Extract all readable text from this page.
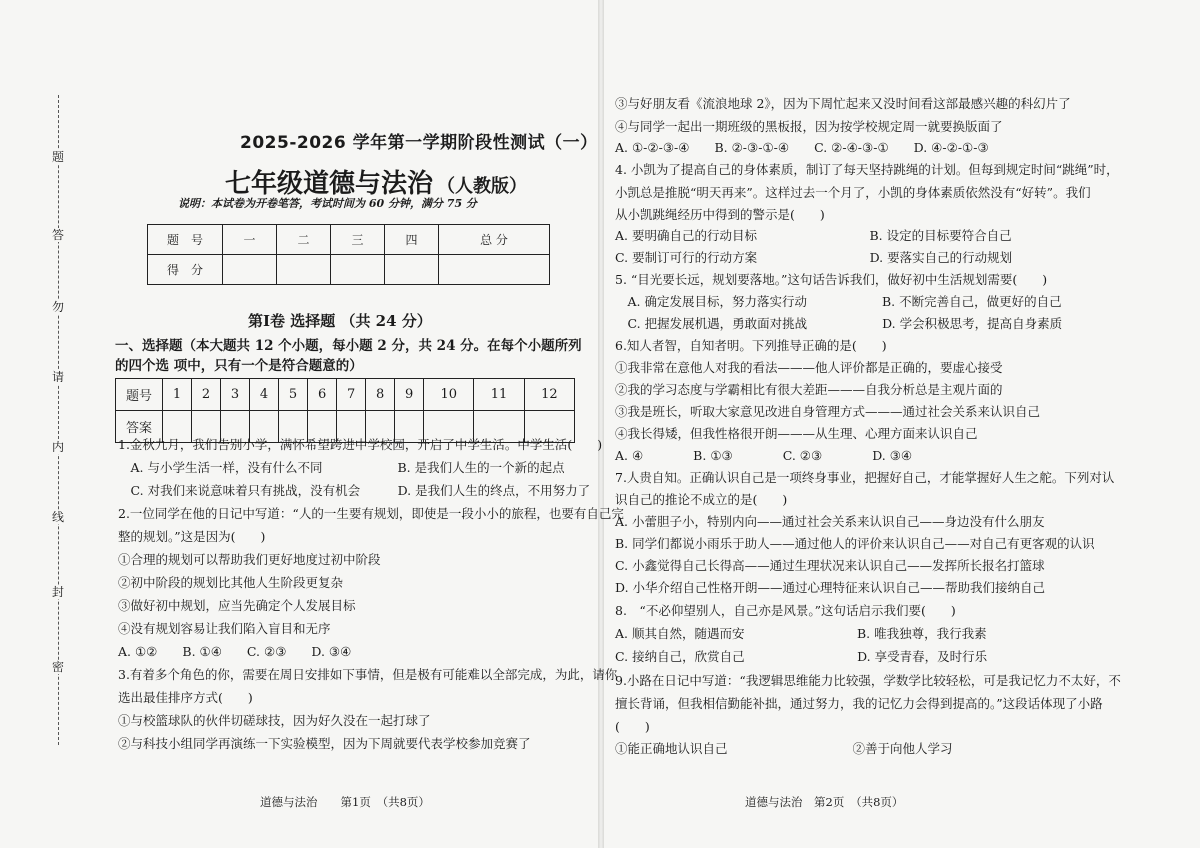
题
答
勿
请
内
线
封
密
2025-2026 学年第一学期阶段性测试（一）
七年级道德与法治 （人教版）
说明：本试卷为开卷笔答，考试时间为 60 分钟，满分 75 分
题　号	一	二	三	四	总 分
得　分					
第Ⅰ卷 选择题 （共 24 分）
一、选择题（本大题共 12 个小题，每小题 2 分，共 24 分。在每个小题所列的四个选 项中，只有一个是符合题意的）
题号	1	2	3	4	5	6	7	8	9	10	11	12
答案												
1.金秋九月，我们告别小学，满怀希望跨进中学校园，开启了中学生活。中学生活(　　)
　A. 与小学生活一样，没有什么不同　　　　　　B. 是我们人生的一个新的起点
　C. 对我们来说意味着只有挑战，没有机会　　　D. 是我们人生的终点，不用努力了
2.一位同学在他的日记中写道：“人的一生要有规划，即使是一段小小的旅程，也要有自己完
整的规划。”这是因为(　　)
①合理的规划可以帮助我们更好地度过初中阶段
②初中阶段的规划比其他人生阶段更复杂
③做好初中规划，应当先确定个人发展目标
④没有规划容易让我们陷入盲目和无序
A. ①②　　B. ①④　　C. ②③　　D. ③④
3.有着多个角色的你，需要在周日安排如下事情，但是极有可能难以全部完成，为此，请你
选出最佳排序方式(　　)
①与校篮球队的伙伴切磋球技，因为好久没在一起打球了
②与科技小组同学再演练一下实验模型，因为下周就要代表学校参加竞赛了
道德与法治　　第1页　（共8页）
③与好朋友看《流浪地球 2》，因为下周忙起来又没时间看这部最感兴趣的科幻片了
④与同学一起出一期班级的黑板报，因为按学校规定周一就要换版面了
A. ①-②-③-④　　B. ②-③-①-④　　C. ②-④-③-①　　D. ④-②-①-③
4. 小凯为了提高自己的身体素质，制订了每天坚持跳绳的计划。但每到规定时间“跳绳”时，
小凯总是推脱“明天再来”。这样过去一个月了，小凯的身体素质依然没有“好转”。我们
从小凯跳绳经历中得到的警示是(　　)
A. 要明确自己的行动目标　　　　　　　　　B. 设定的目标要符合自己
C. 要制订可行的行动方案　　　　　　　　　D. 要落实自己的行动规划
5. “目光要长远，规划要落地。”这句话告诉我们，做好初中生活规划需要(　　)
　A. 确定发展目标，努力落实行动　　　　　　B. 不断完善自己，做更好的自己
　C. 把握发展机遇，勇敢面对挑战　　　　　　D. 学会积极思考，提高自身素质
6.知人者智，自知者明。下列推导正确的是(　　)
①我非常在意他人对我的看法———他人评价都是正确的，要虚心接受
②我的学习态度与学霸相比有很大差距———自我分析总是主观片面的
③我是班长，听取大家意见改进自身管理方式———通过社会关系来认识自己
④我长得矮，但我性格很开朗———从生理、心理方面来认识自己
A. ④　　　　B. ①③　　　　C. ②③　　　　D. ③④
7.人贵自知。正确认识自己是一项终身事业，把握好自己，才能掌握好人生之舵。下列对认
识自己的推论不成立的是(　　)
A. 小蕾胆子小，特别内向——通过社会关系来认识自己——身边没有什么朋友
B. 同学们都说小雨乐于助人——通过他人的评价来认识自己——对自己有更客观的认识
C. 小鑫觉得自己长得高——通过生理状况来认识自己——发挥所长报名打篮球
D. 小华介绍自己性格开朗——通过心理特征来认识自己——帮助我们接纳自己
8.　“不必仰望别人，自己亦是风景。”这句话启示我们要(　　)
A. 顺其自然，随遇而安　　　　　　　　　B. 唯我独尊，我行我素
C. 接纳自己，欣赏自己　　　　　　　　　D. 享受青春，及时行乐
9.小路在日记中写道：“我逻辑思维能力比较强，学数学比较轻松，可是我记忆力不太好，不
擅长背诵，但我相信勤能补拙，通过努力，我的记忆力会得到提高的。”这段话体现了小路
(　　)
①能正确地认识自己　　　　　　　　　　②善于向他人学习
道德与法治　第2页　（共8页）
